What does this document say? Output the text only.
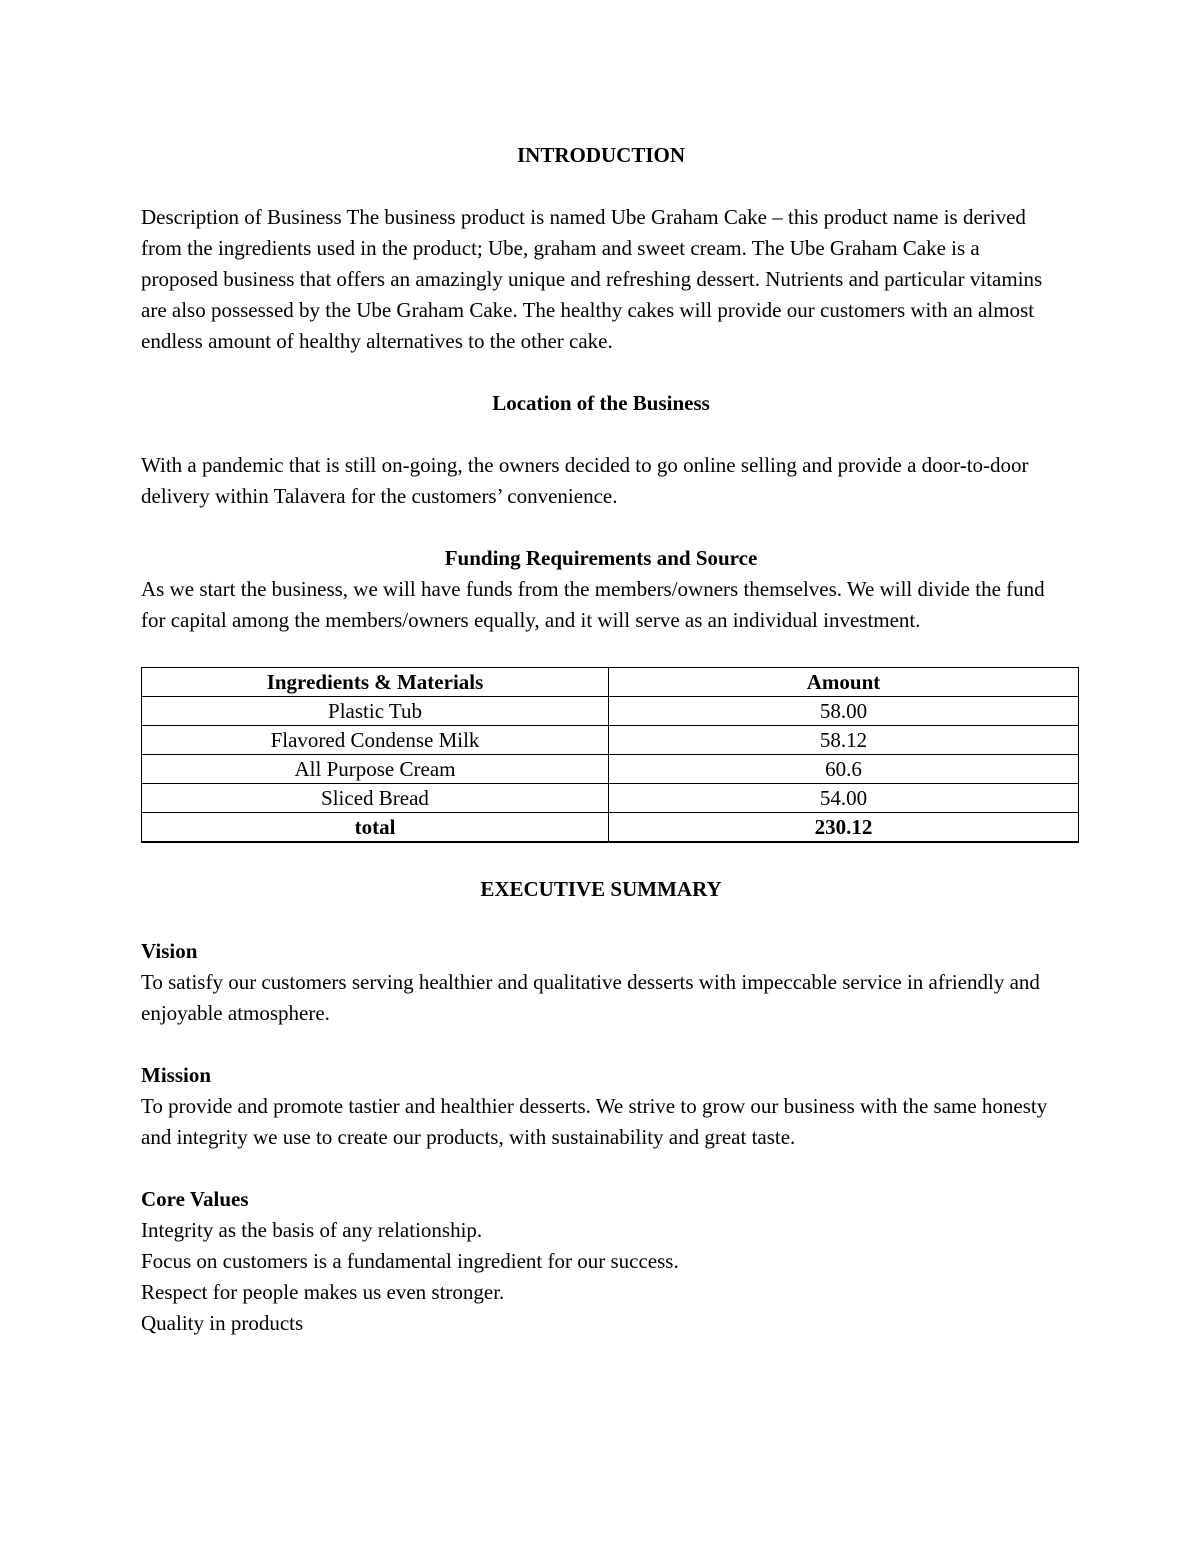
INTRODUCTION

Description of Business The business product is named Ube Graham Cake – this product name is derived from the ingredients used in the product; Ube, graham and sweet cream. The Ube Graham Cake is a proposed business that offers an amazingly unique and refreshing dessert. Nutrients and particular vitamins are also possessed by the Ube Graham Cake. The healthy cakes will provide our customers with an almost endless amount of healthy alternatives to the other cake.

Location of the Business

With a pandemic that is still on-going, the owners decided to go online selling and provide a door-to-door delivery within Talavera for the customers’ convenience.

Funding Requirements and Source

As we start the business, we will have funds from the members/owners themselves. We will divide the fund for capital among the members/owners equally, and it will serve as an individual investment.

Ingredients & Materials	Amount
Plastic Tub	58.00
Flavored Condense Milk	58.12
All Purpose Cream	60.6
Sliced Bread	54.00
total	230.12
EXECUTIVE SUMMARY
Vision

To satisfy our customers serving healthier and qualitative desserts with impeccable service in afriendly and enjoyable atmosphere.

Mission

To provide and promote tastier and healthier desserts. We strive to grow our business with the same honesty and integrity we use to create our products, with sustainability and great taste.

Core Values

Integrity as the basis of any relationship.

Focus on customers is a fundamental ingredient for our success.

Respect for people makes us even stronger.

Quality in products
